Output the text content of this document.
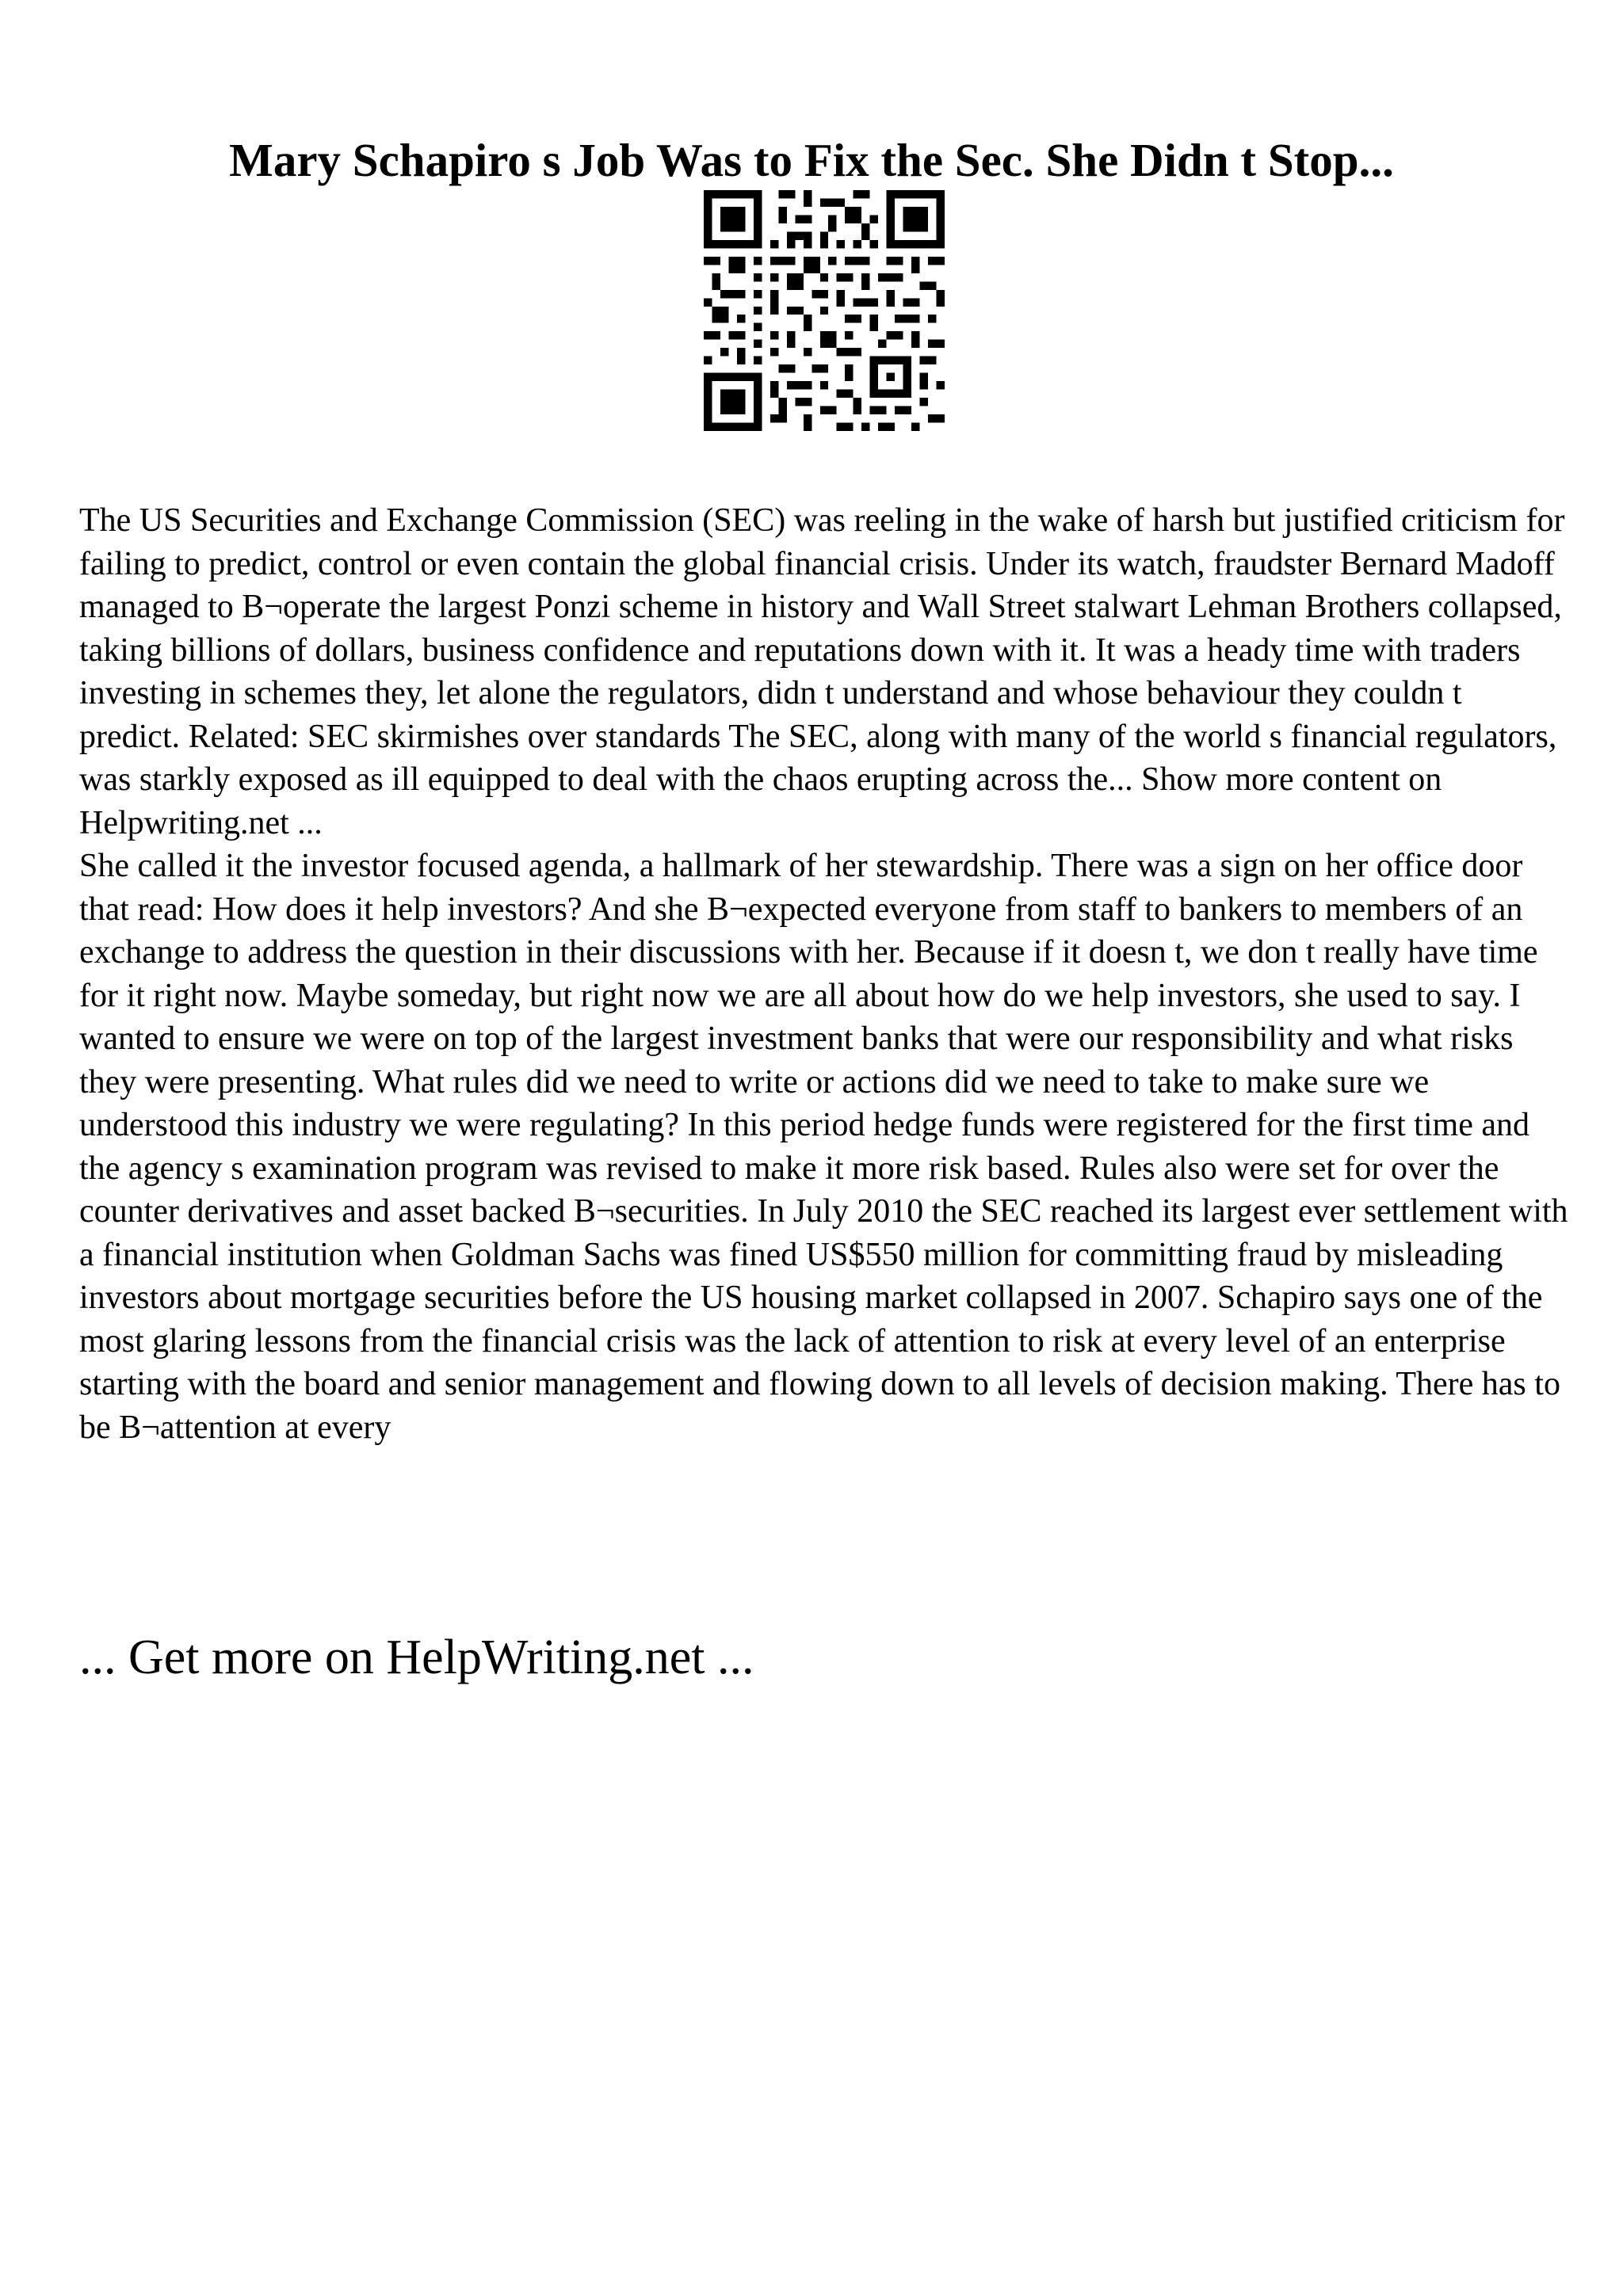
Mary Schapiro s Job Was to Fix the Sec. She Didn t Stop...

The US Securities and Exchange Commission (SEC) was reeling in the wake of harsh but justified criticism for failing to predict, control or even contain the global financial crisis. Under its watch, fraudster Bernard Madoff managed to B¬operate the largest Ponzi scheme in history and Wall Street stalwart Lehman Brothers collapsed, taking billions of dollars, business confidence and reputations down with it. It was a heady time with traders investing in schemes they, let alone the regulators, didn t understand and whose behaviour they couldn t predict. Related: SEC skirmishes over standards The SEC, along with many of the world s financial regulators, was starkly exposed as ill equipped to deal with the chaos erupting across the... Show more content on Helpwriting.net ...

She called it the investor focused agenda, a hallmark of her stewardship. There was a sign on her office door that read: How does it help investors? And she B¬expected everyone from staff to bankers to members of an exchange to address the question in their discussions with her. Because if it doesn t, we don t really have time for it right now. Maybe someday, but right now we are all about how do we help investors, she used to say. I wanted to ensure we were on top of the largest investment banks that were our responsibility and what risks they were presenting. What rules did we need to write or actions did we need to take to make sure we understood this industry we were regulating? In this period hedge funds were registered for the first time and the agency s examination program was revised to make it more risk based. Rules also were set for over the counter derivatives and asset backed B¬securities. In July 2010 the SEC reached its largest ever settlement with a financial institution when Goldman Sachs was fined US$550 million for committing fraud by misleading investors about mortgage securities before the US housing market collapsed in 2007. Schapiro says one of the most glaring lessons from the financial crisis was the lack of attention to risk at every level of an enterprise starting with the board and senior management and flowing down to all levels of decision making. There has to be B¬attention at every

... Get more on HelpWriting.net ...
